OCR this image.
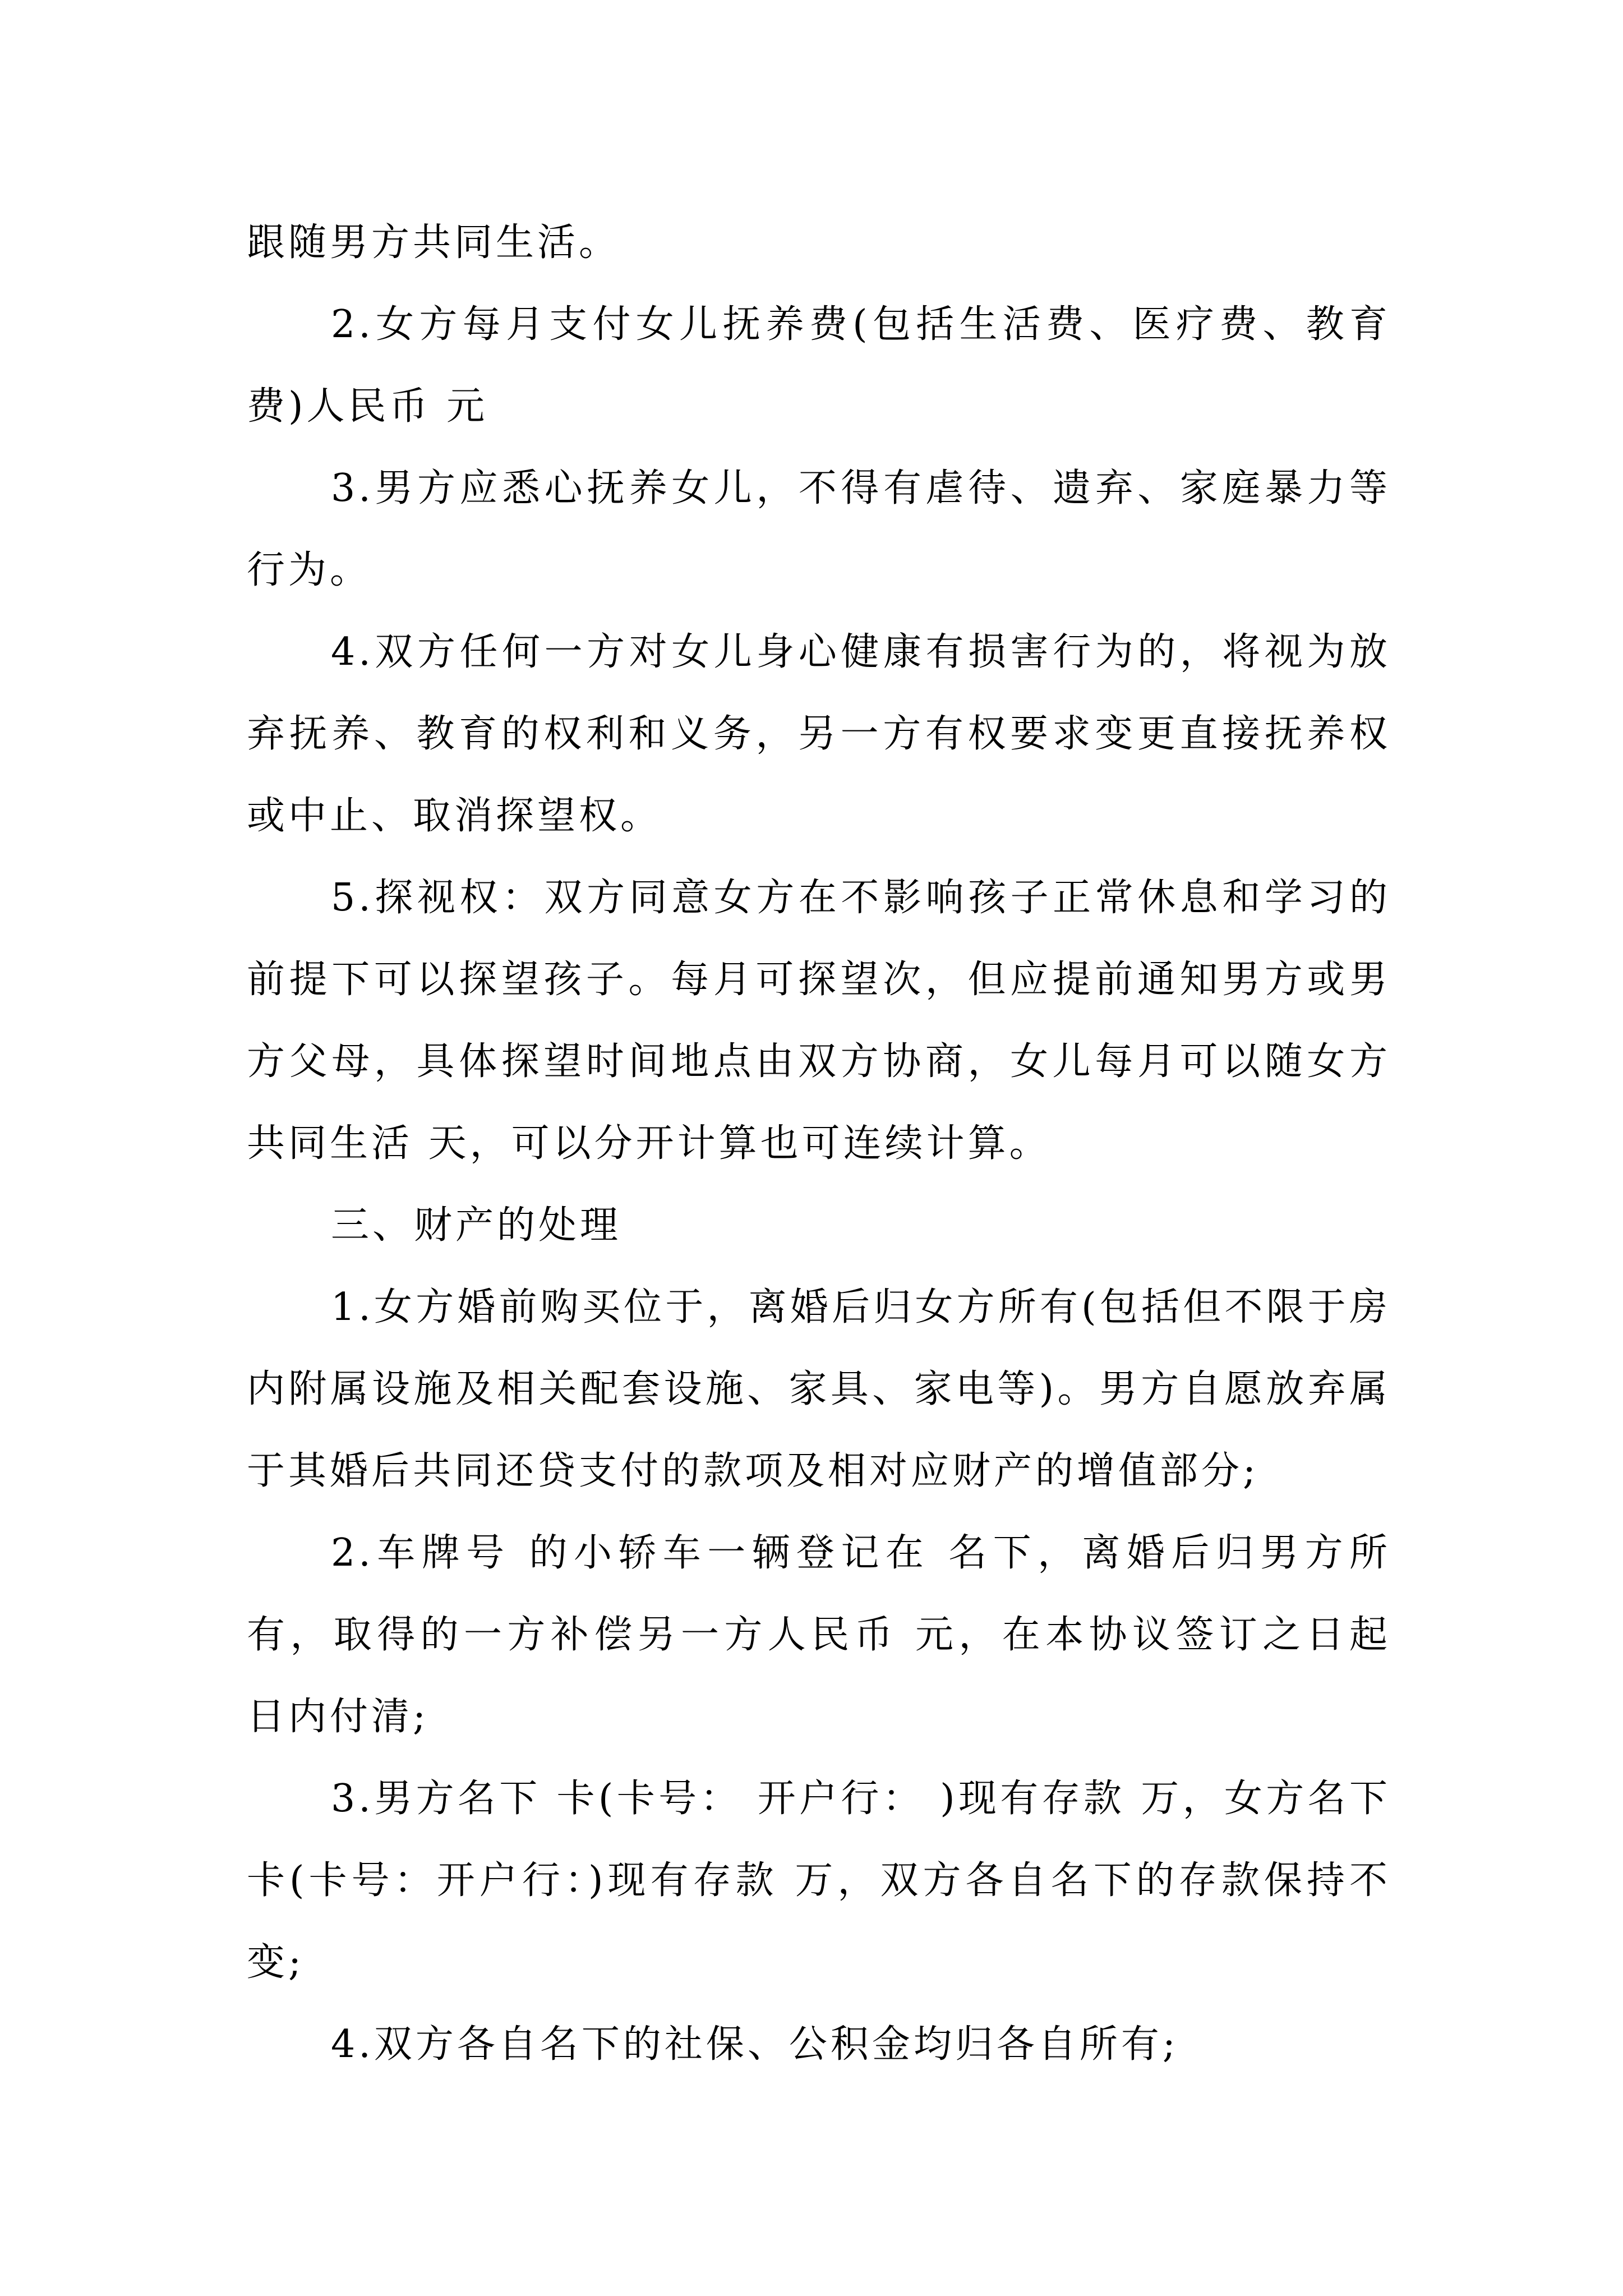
跟随男方共同生活。

2.女方每月支付女儿抚养费(包括生活费、医疗费、教育费)人民币 元

3.男方应悉心抚养女儿，不得有虐待、遗弃、家庭暴力等行为。

4.双方任何一方对女儿身心健康有损害行为的，将视为放弃抚养、教育的权利和义务，另一方有权要求变更直接抚养权或中止、取消探望权。

5.探视权：双方同意女方在不影响孩子正常休息和学习的前提下可以探望孩子。每月可探望次，但应提前通知男方或男方父母，具体探望时间地点由双方协商，女儿每月可以随女方共同生活 天，可以分开计算也可连续计算。

三、财产的处理

1.女方婚前购买位于，离婚后归女方所有(包括但不限于房内附属设施及相关配套设施、家具、家电等)。男方自愿放弃属于其婚后共同还贷支付的款项及相对应财产的增值部分;

2.车牌号 的小轿车一辆登记在 名下，离婚后归男方所有，取得的一方补偿另一方人民币 元，在本协议签订之日起 日内付清;

3.男方名下 卡(卡号： 开户行： )现有存款 万，女方名下 卡(卡号：开户行：)现有存款 万，双方各自名下的存款保持不变;

4.双方各自名下的社保、公积金均归各自所有;
